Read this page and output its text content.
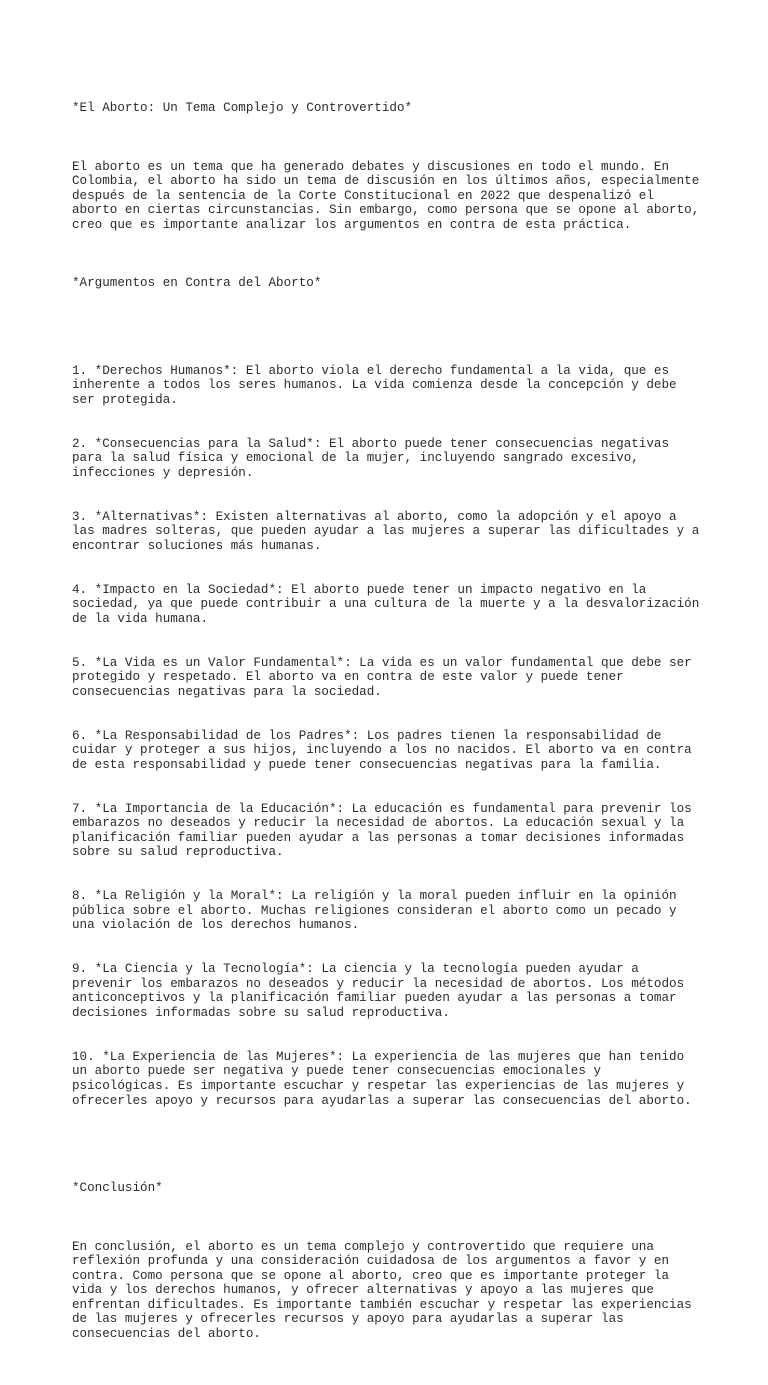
*El Aborto: Un Tema Complejo y Controvertido*

El aborto es un tema que ha generado debates y discusiones en todo el mundo. En Colombia, el aborto ha sido un tema de discusión en los últimos años, especialmente después de la sentencia de la Corte Constitucional en 2022 que despenalizó el aborto en ciertas circunstancias. Sin embargo, como persona que se opone al aborto, creo que es importante analizar los argumentos en contra de esta práctica.

*Argumentos en Contra del Aborto*

1. *Derechos Humanos*: El aborto viola el derecho fundamental a la vida, que es inherente a todos los seres humanos. La vida comienza desde la concepción y debe ser protegida.

2. *Consecuencias para la Salud*: El aborto puede tener consecuencias negativas para la salud física y emocional de la mujer, incluyendo sangrado excesivo, infecciones y depresión.

3. *Alternativas*: Existen alternativas al aborto, como la adopción y el apoyo a las madres solteras, que pueden ayudar a las mujeres a superar las dificultades y a encontrar soluciones más humanas.

4. *Impacto en la Sociedad*: El aborto puede tener un impacto negativo en la sociedad, ya que puede contribuir a una cultura de la muerte y a la desvalorización de la vida humana.

5. *La Vida es un Valor Fundamental*: La vida es un valor fundamental que debe ser protegido y respetado. El aborto va en contra de este valor y puede tener consecuencias negativas para la sociedad.

6. *La Responsabilidad de los Padres*: Los padres tienen la responsabilidad de cuidar y proteger a sus hijos, incluyendo a los no nacidos. El aborto va en contra de esta responsabilidad y puede tener consecuencias negativas para la familia.

7. *La Importancia de la Educación*: La educación es fundamental para prevenir los embarazos no deseados y reducir la necesidad de abortos. La educación sexual y la planificación familiar pueden ayudar a las personas a tomar decisiones informadas sobre su salud reproductiva.

8. *La Religión y la Moral*: La religión y la moral pueden influir en la opinión pública sobre el aborto. Muchas religiones consideran el aborto como un pecado y una violación de los derechos humanos.

9. *La Ciencia y la Tecnología*: La ciencia y la tecnología pueden ayudar a prevenir los embarazos no deseados y reducir la necesidad de abortos. Los métodos anticonceptivos y la planificación familiar pueden ayudar a las personas a tomar decisiones informadas sobre su salud reproductiva.

10. *La Experiencia de las Mujeres*: La experiencia de las mujeres que han tenido un aborto puede ser negativa y puede tener consecuencias emocionales y psicológicas. Es importante escuchar y respetar las experiencias de las mujeres y ofrecerles apoyo y recursos para ayudarlas a superar las consecuencias del aborto.

*Conclusión*

En conclusión, el aborto es un tema complejo y controvertido que requiere una reflexión profunda y una consideración cuidadosa de los argumentos a favor y en contra. Como persona que se opone al aborto, creo que es importante proteger la vida y los derechos humanos, y ofrecer alternativas y apoyo a las mujeres que enfrentan dificultades. Es importante también escuchar y respetar las experiencias de las mujeres y ofrecerles recursos y apoyo para ayudarlas a superar las consecuencias del aborto.
